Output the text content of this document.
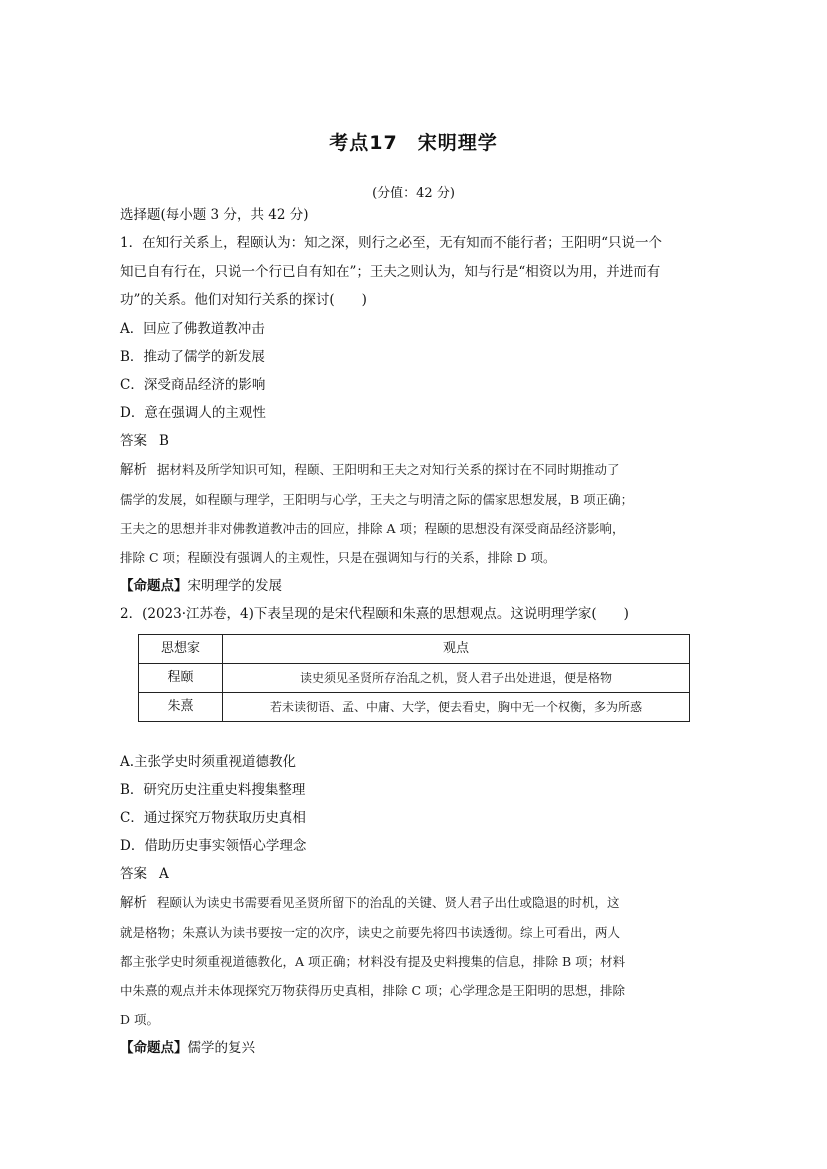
考点17　宋明理学
(分值：42 分)
选择题(每小题 3 分，共 42 分)
1．在知行关系上，程颐认为：知之深，则行之必至，无有知而不能行者；王阳明“只说一个
知已自有行在，只说一个行已自有知在”；王夫之则认为，知与行是“相资以为用，并进而有
功”的关系。他们对知行关系的探讨(　　)
A．回应了佛教道教冲击
B．推动了儒学的新发展
C．深受商品经济的影响
D．意在强调人的主观性
答案 B
解析 据材料及所学知识可知，程颐、王阳明和王夫之对知行关系的探讨在不同时期推动了
儒学的发展，如程颐与理学，王阳明与心学，王夫之与明清之际的儒家思想发展，B 项正确；
王夫之的思想并非对佛教道教冲击的回应，排除 A 项；程颐的思想没有深受商品经济影响，
排除 C 项；程颐没有强调人的主观性，只是在强调知与行的关系，排除 D 项。
【命题点】宋明理学的发展
2．(2023·江苏卷，4)下表呈现的是宋代程颐和朱熹的思想观点。这说明理学家(　　)
思想家	观点
程颐	读史须见圣贤所存治乱之机，贤人君子出处进退，便是格物
朱熹	若未读彻语、孟、中庸、大学，便去看史，胸中无一个权衡，多为所惑
A.主张学史时须重视道德教化
B．研究历史注重史料搜集整理
C．通过探究万物获取历史真相
D．借助历史事实领悟心学理念
答案 A
解析 程颐认为读史书需要看见圣贤所留下的治乱的关键、贤人君子出仕或隐退的时机，这
就是格物；朱熹认为读书要按一定的次序，读史之前要先将四书读透彻。综上可看出，两人
都主张学史时须重视道德教化，A 项正确；材料没有提及史料搜集的信息，排除 B 项；材料
中朱熹的观点并未体现探究万物获得历史真相，排除 C 项；心学理念是王阳明的思想，排除
D 项。
【命题点】儒学的复兴
